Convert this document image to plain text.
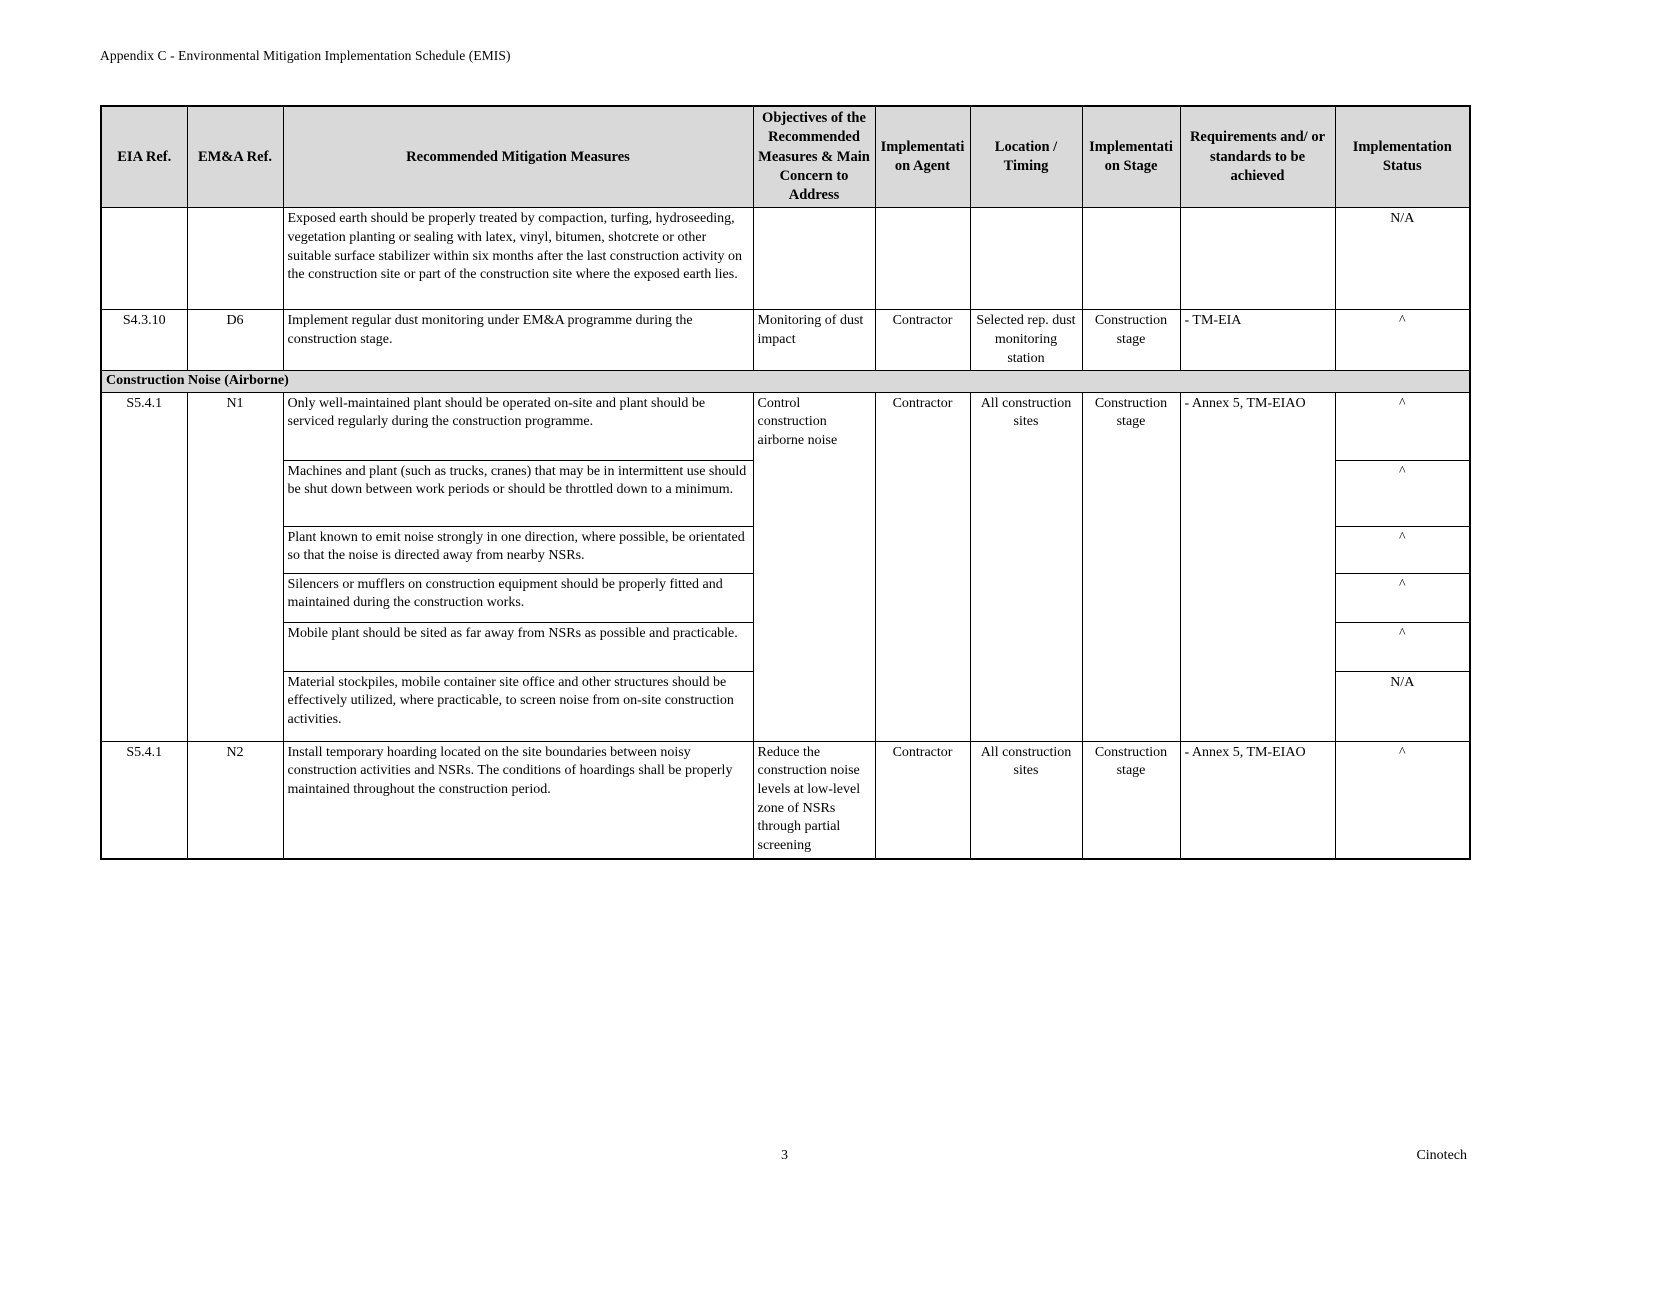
Appendix C - Environmental Mitigation Implementation Schedule (EMIS)
EIA Ref.	EM&A Ref.	Recommended Mitigation Measures	Objectives of the Recommended Measures & Main Concern to Address	Implementation Agent	Location / Timing	Implementation Stage	Requirements and/ or standards to be achieved	Implementation Status
		Exposed earth should be properly treated by compaction, turfing, hydroseeding, vegetation planting or sealing with latex, vinyl, bitumen, shotcrete or other suitable surface stabilizer within six months after the last construction activity on the construction site or part of the construction site where the exposed earth lies.						N/A
S4.3.10	D6	Implement regular dust monitoring under EM&A programme during the construction stage.	Monitoring of dust impact	Contractor	Selected rep. dust monitoring station	Construction stage	- TM-EIA	^
Construction Noise (Airborne)								
S5.4.1	N1	Only well-maintained plant should be operated on-site and plant should be serviced regularly during the construction programme.	Control construction airborne noise	Contractor	All construction sites	Construction stage	- Annex 5, TM-EIAO	^
		Machines and plant (such as trucks, cranes) that may be in intermittent use should be shut down between work periods or should be throttled down to a minimum.						^
		Plant known to emit noise strongly in one direction, where possible, be orientated so that the noise is directed away from nearby NSRs.						^
		Silencers or mufflers on construction equipment should be properly fitted and maintained during the construction works.						^
		Mobile plant should be sited as far away from NSRs as possible and practicable.						^
		Material stockpiles, mobile container site office and other structures should be effectively utilized, where practicable, to screen noise from on-site construction activities.						N/A
S5.4.1	N2	Install temporary hoarding located on the site boundaries between noisy construction activities and NSRs. The conditions of hoardings shall be properly maintained throughout the construction period.	Reduce the construction noise levels at low-level zone of NSRs through partial screening	Contractor	All construction sites	Construction stage	- Annex 5, TM-EIAO	^
3	Cinotech
